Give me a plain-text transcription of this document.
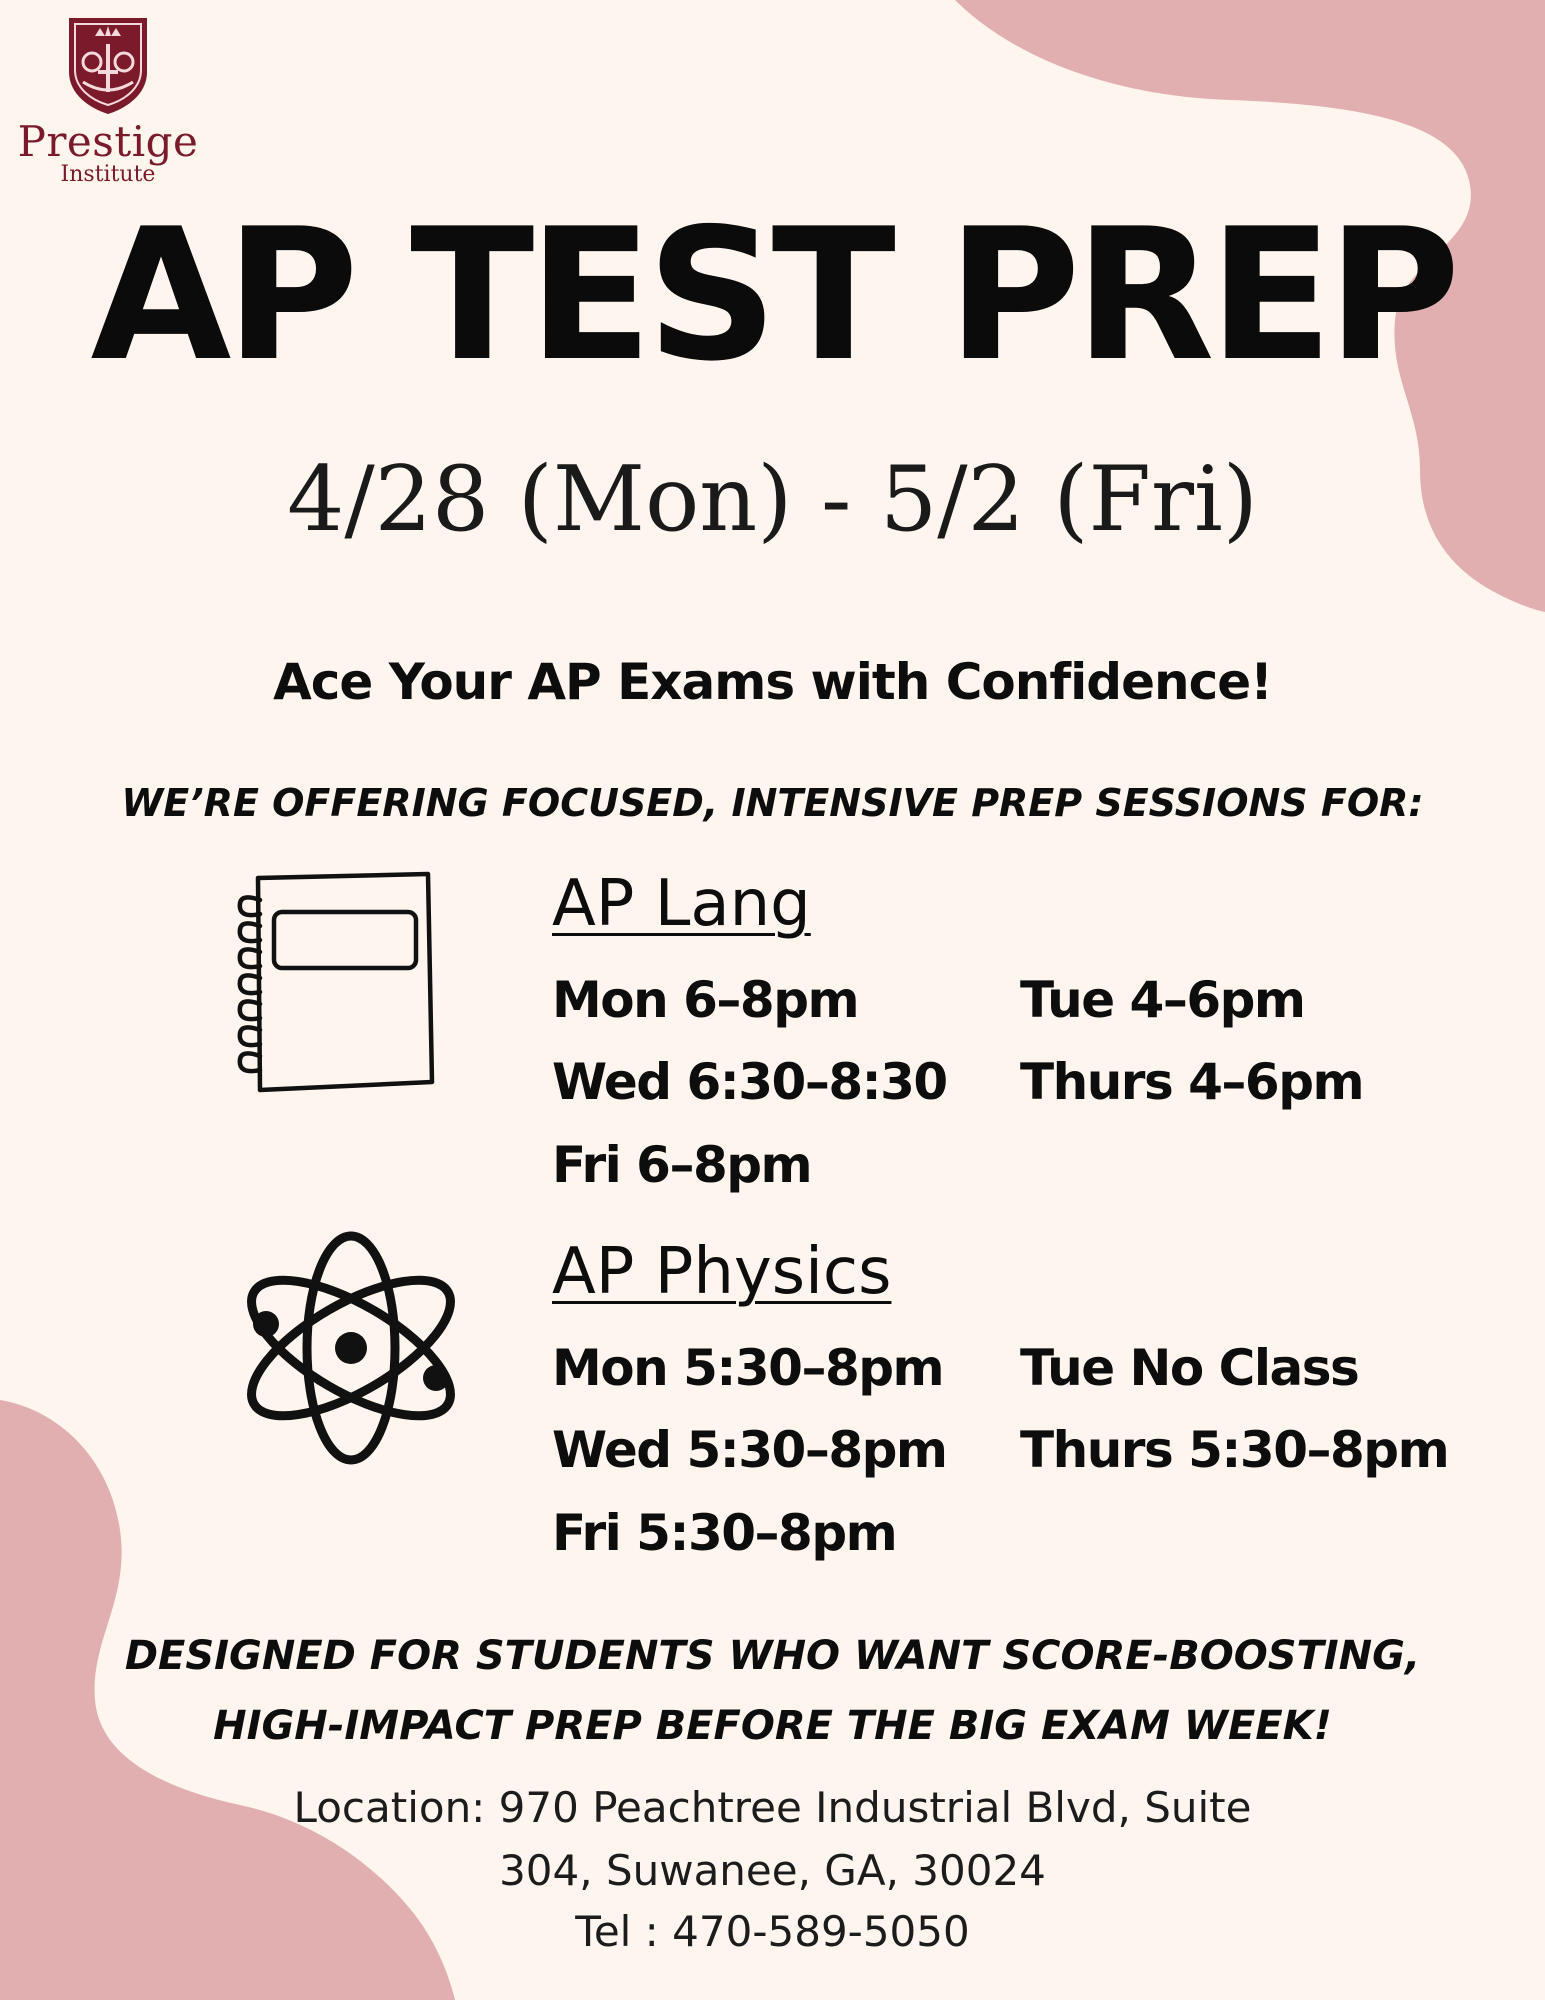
Prestige
Institute
AP TEST PREP
4/28 (Mon) - 5/2 (Fri)
Ace Your AP Exams with Confidence!
WE’RE OFFERING FOCUSED, INTENSIVE PREP SESSIONS FOR:
AP Lang
Mon 6–8pm	Tue 4–6pm
Wed 6:30–8:30 Thurs 4–6pm
Fri 6–8pm
AP Physics
Mon 5:30–8pm Tue No Class
Wed 5:30–8pm Thurs 5:30–8pm
Fri 5:30–8pm
DESIGNED FOR STUDENTS WHO WANT SCORE-BOOSTING,
HIGH-IMPACT PREP BEFORE THE BIG EXAM WEEK!
Location: 970 Peachtree Industrial Blvd, Suite
304, Suwanee, GA, 30024
Tel : 470-589-5050
